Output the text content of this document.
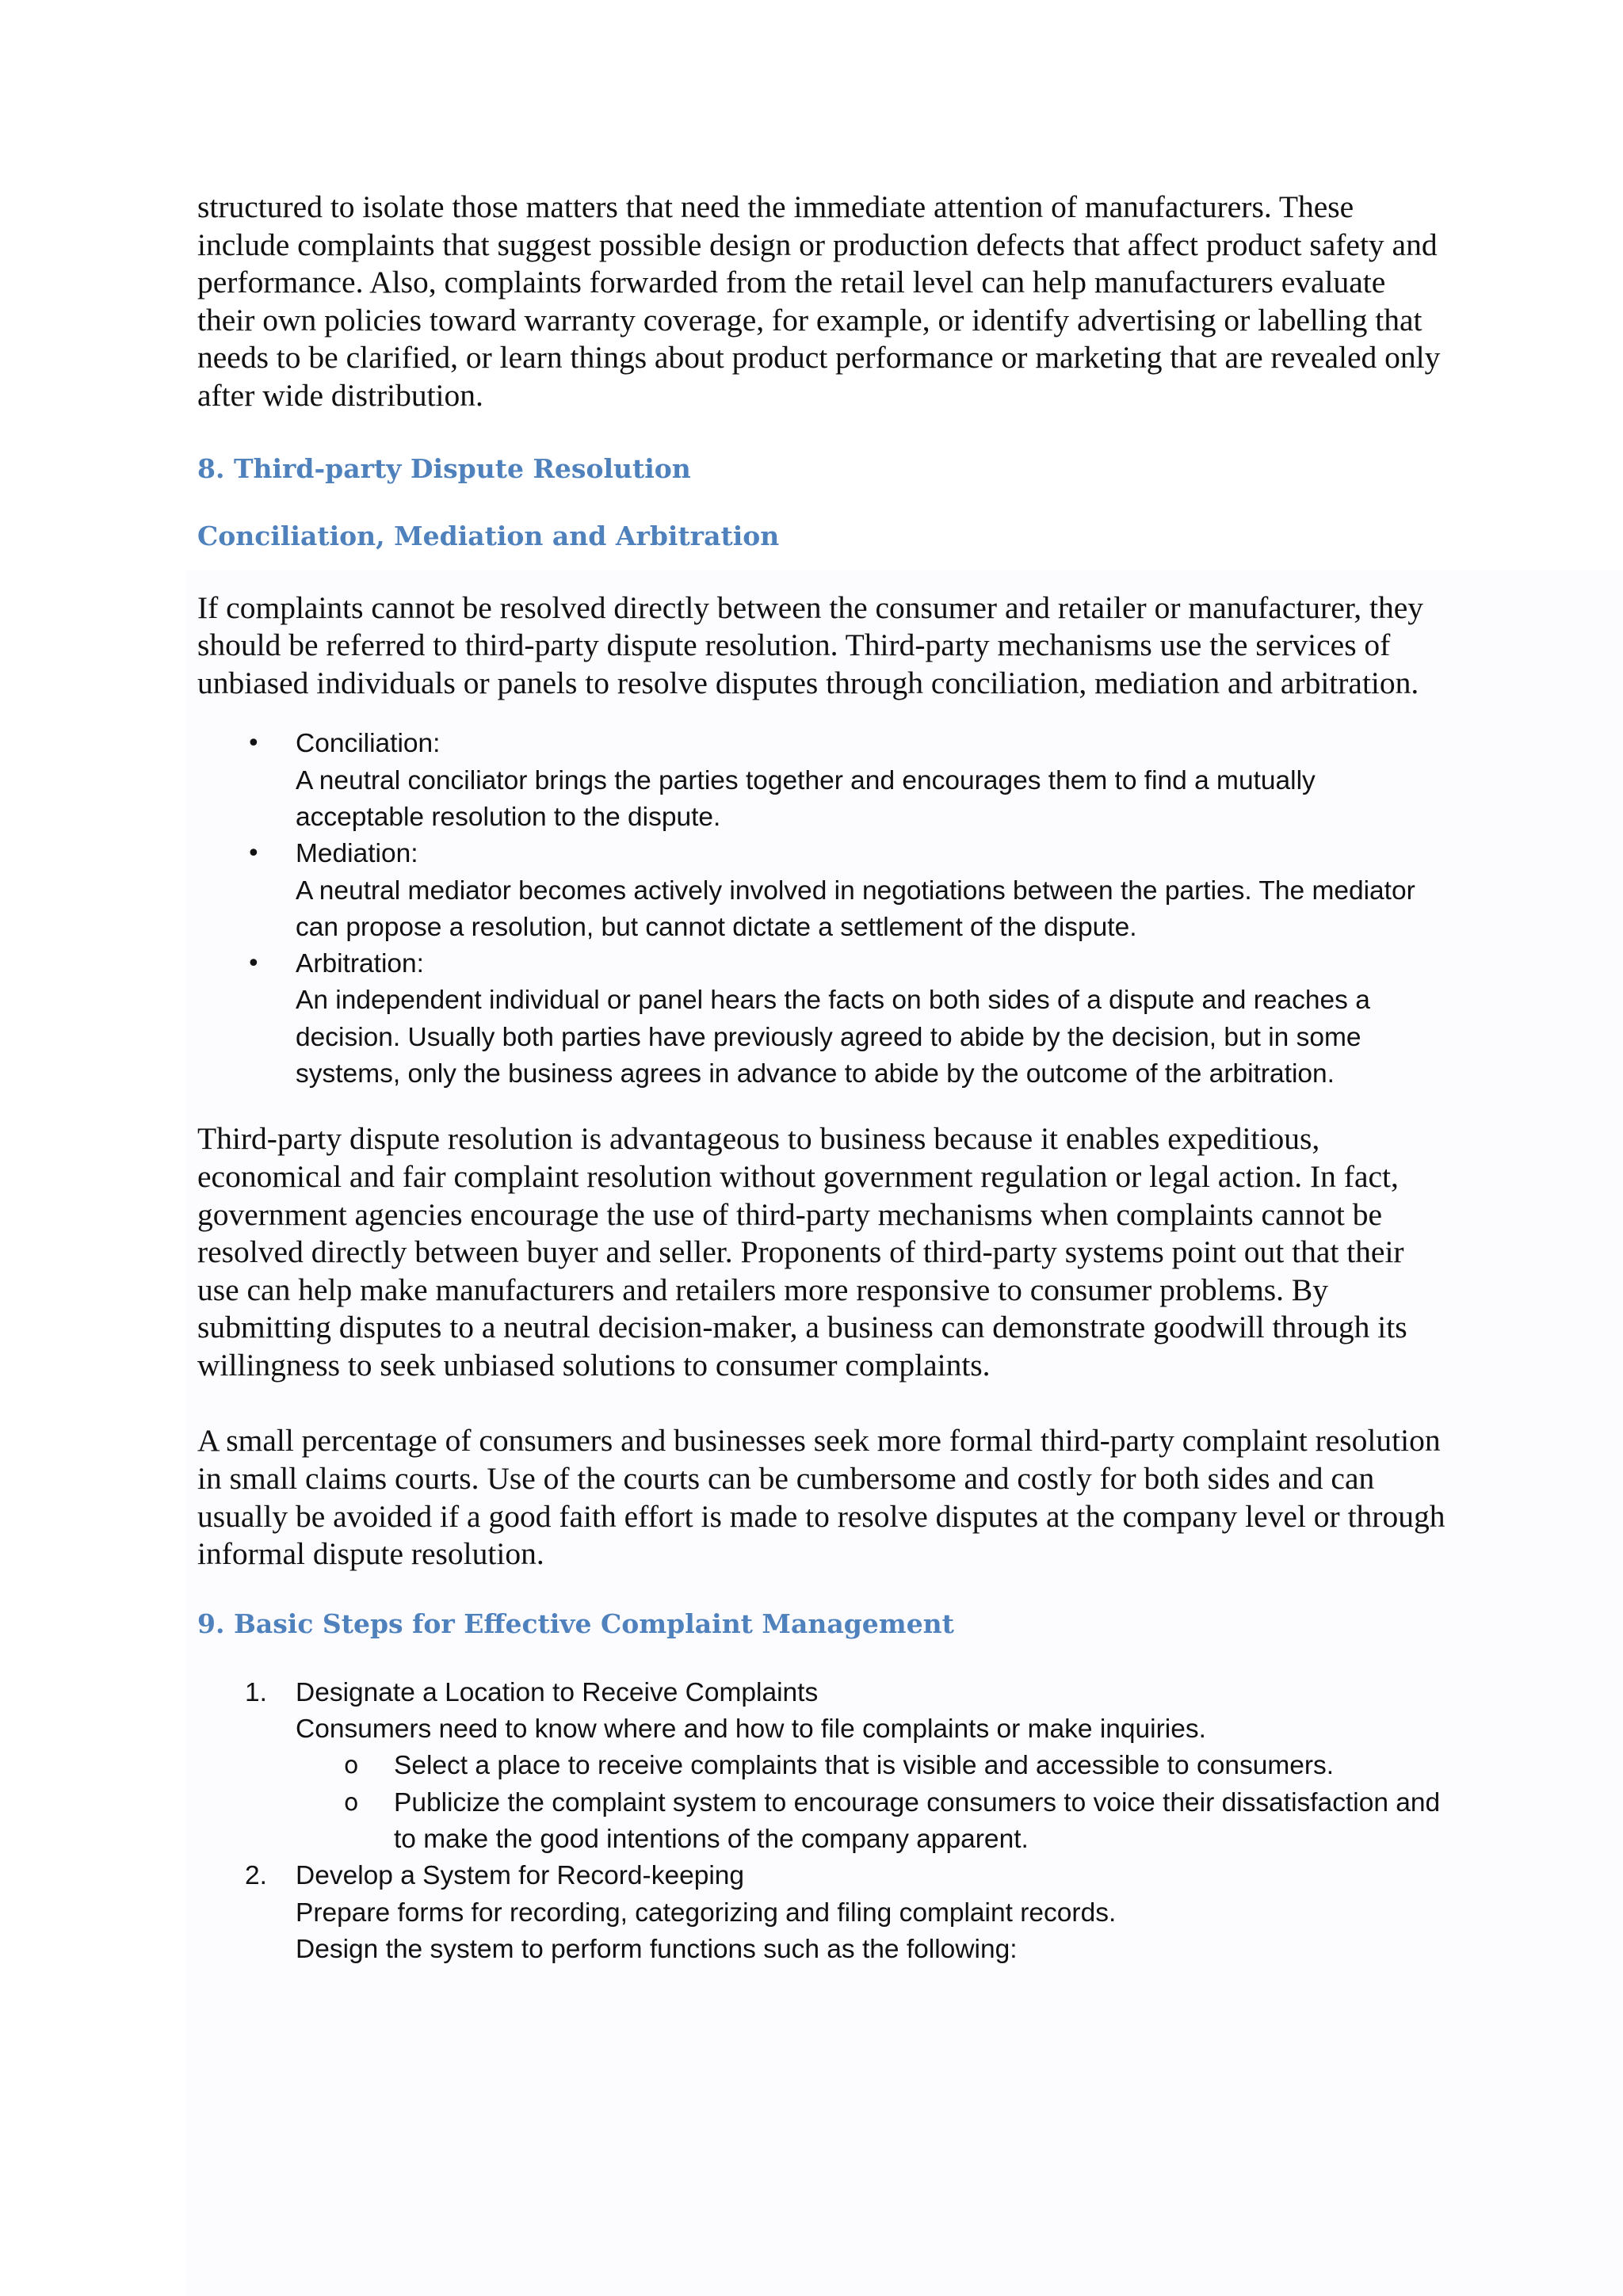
structured to isolate those matters that need the immediate attention of manufacturers. These include complaints that suggest possible design or production defects that affect product safety and performance. Also, complaints forwarded from the retail level can help manufacturers evaluate their own policies toward warranty coverage, for example, or identify advertising or labelling that needs to be clarified, or learn things about product performance or marketing that are revealed only after wide distribution.

8. Third-party Dispute Resolution
Conciliation, Mediation and Arbitration

If complaints cannot be resolved directly between the consumer and retailer or manufacturer, they should be referred to third-party dispute resolution. Third-party mechanisms use the services of unbiased individuals or panels to resolve disputes through conciliation, mediation and arbitration.

• Conciliation:
A neutral conciliator brings the parties together and encourages them to find a mutually acceptable resolution to the dispute.
• Mediation:
A neutral mediator becomes actively involved in negotiations between the parties. The mediator can propose a resolution, but cannot dictate a settlement of the dispute.
• Arbitration:
An independent individual or panel hears the facts on both sides of a dispute and reaches a decision. Usually both parties have previously agreed to abide by the decision, but in some systems, only the business agrees in advance to abide by the outcome of the arbitration.

Third-party dispute resolution is advantageous to business because it enables expeditious, economical and fair complaint resolution without government regulation or legal action. In fact, government agencies encourage the use of third-party mechanisms when complaints cannot be resolved directly between buyer and seller. Proponents of third-party systems point out that their use can help make manufacturers and retailers more responsive to consumer problems. By submitting disputes to a neutral decision-maker, a business can demonstrate goodwill through its willingness to seek unbiased solutions to consumer complaints.

A small percentage of consumers and businesses seek more formal third-party complaint resolution in small claims courts. Use of the courts can be cumbersome and costly for both sides and can usually be avoided if a good faith effort is made to resolve disputes at the company level or through informal dispute resolution.

9. Basic Steps for Effective Complaint Management
1. Designate a Location to Receive Complaints
Consumers need to know where and how to file complaints or make inquiries.
o Select a place to receive complaints that is visible and accessible to consumers.
o Publicize the complaint system to encourage consumers to voice their dissatisfaction and to make the good intentions of the company apparent.
2. Develop a System for Record-keeping
Prepare forms for recording, categorizing and filing complaint records.
Design the system to perform functions such as the following:
